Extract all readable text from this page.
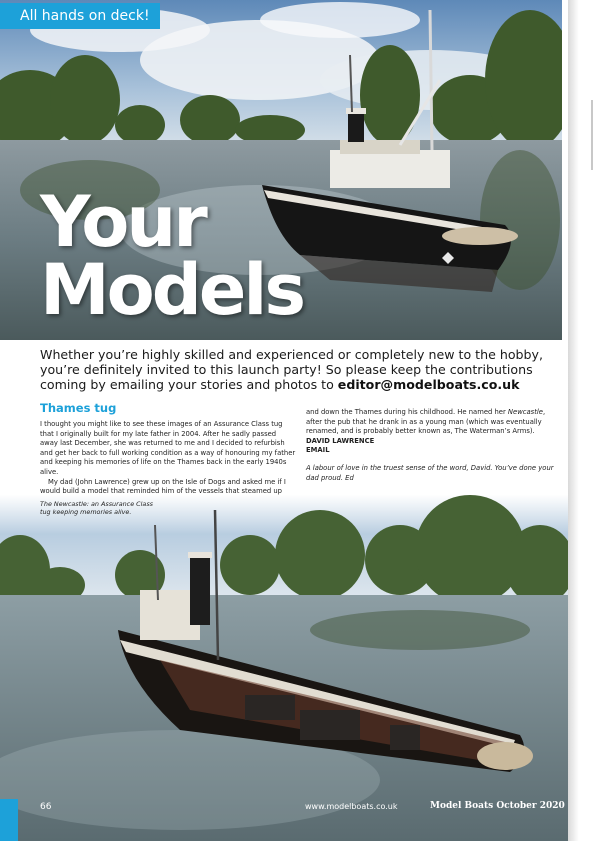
All hands on deck!
Your
Models
Whether you’re highly skilled and experienced or completely new to the hobby, you’re definitely invited to this launch party! So please keep the contributions coming by emailing your stories and photos to editor@modelboats.co.uk
Thames tug

I thought you might like to see these images of an Assurance Class tug that I originally built for my late father in 2004. After he sadly passed away last December, she was returned to me and I decided to refurbish and get her back to full working condition as a way of honouring my father and keeping his memories of life on the Thames back in the early 1940s alive.

My dad (John Lawrence) grew up on the Isle of Dogs and asked me if I would build a model that reminded him of the vessels that steamed up

and down the Thames during his childhood. He named her Newcastle, after the pub that he drank in as a young man (which was eventually renamed, and is probably better known as, The Waterman’s Arms).

DAVID LAWRENCE

EMAIL

A labour of love in the truest sense of the word, David. You’ve done your dad proud. Ed

The Newcastle: an Assurance Class tug keeping memories alive.
66	www.modelboats.co.uk	Model Boats October 2020
